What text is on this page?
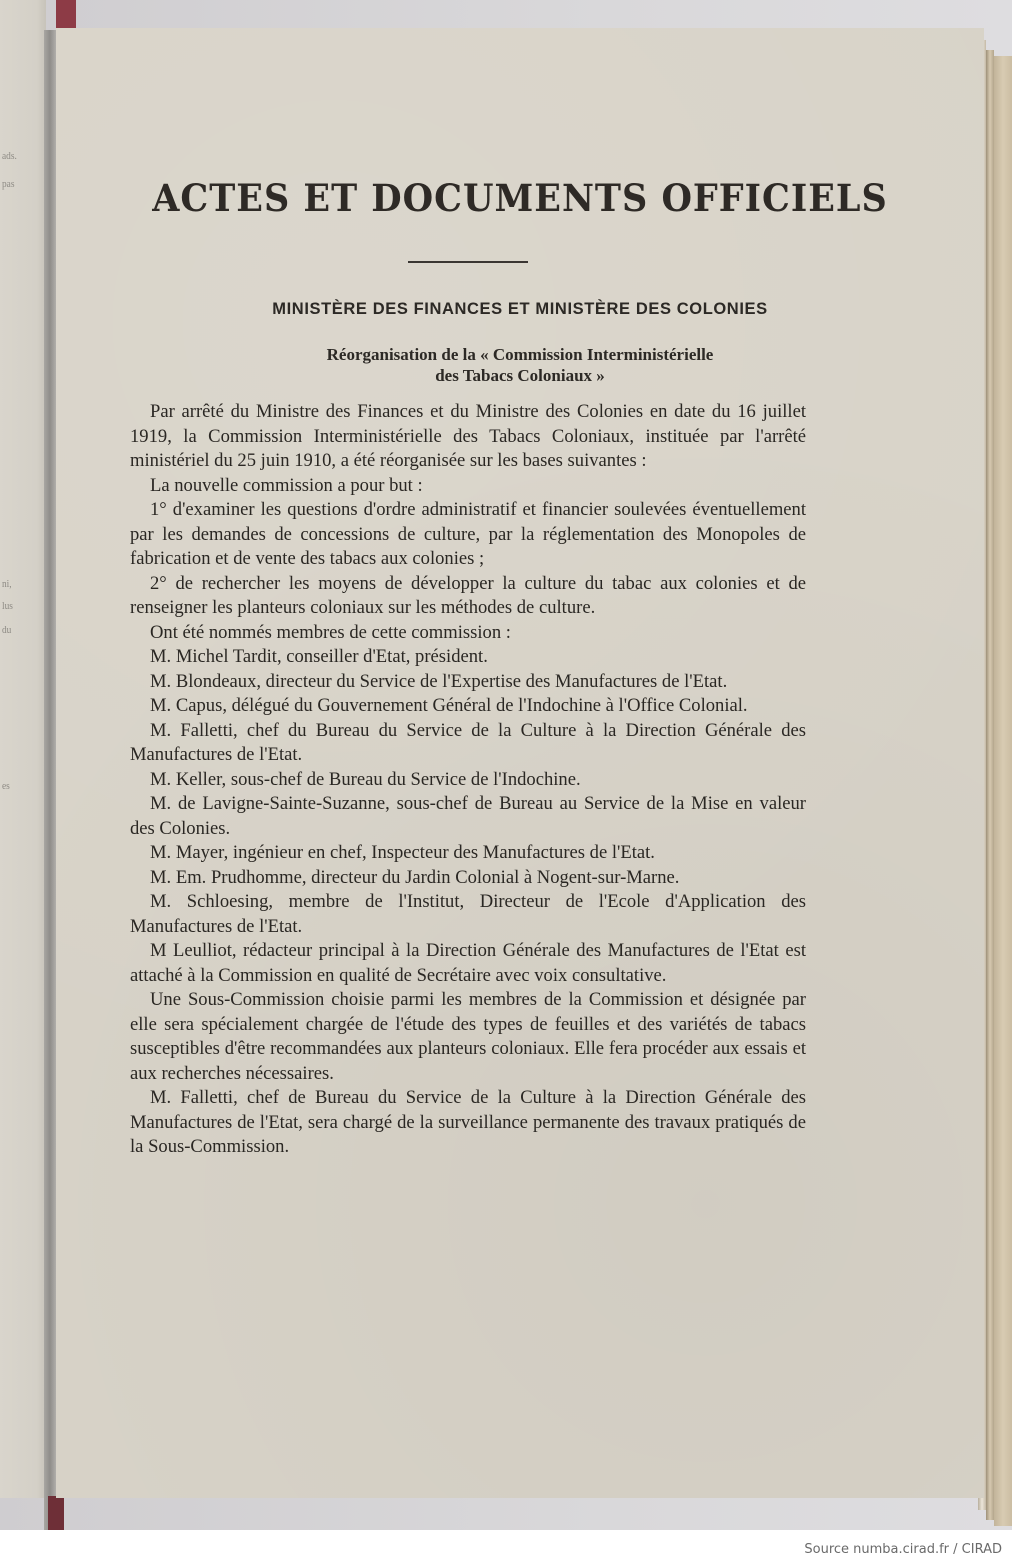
ads.
pas
ni,
lus
du
es
ACTES ET DOCUMENTS OFFICIELS
MINISTÈRE DES FINANCES ET MINISTÈRE DES COLONIES
Réorganisation de la « Commission Interministérielle
des Tabacs Coloniaux »

Par arrêté du Ministre des Finances et du Ministre des Colonies en date du 16 juillet 1919, la Commission Interministérielle des Tabacs Coloniaux, instituée par l'arrêté ministériel du 25 juin 1910, a été réorganisée sur les bases suivantes :

La nouvelle commission a pour but :

1° d'examiner les questions d'ordre administratif et financier soulevées éventuellement par les demandes de concessions de culture, par la réglementation des Monopoles de fabrication et de vente des tabacs aux colonies ;

2° de rechercher les moyens de développer la culture du tabac aux colonies et de renseigner les planteurs coloniaux sur les méthodes de culture.

Ont été nommés membres de cette commission :

M. Michel Tardit, conseiller d'Etat, président.

M. Blondeaux, directeur du Service de l'Expertise des Manufactures de l'Etat.

M. Capus, délégué du Gouvernement Général de l'Indochine à l'Office Colonial.

M. Falletti, chef du Bureau du Service de la Culture à la Direction Générale des Manufactures de l'Etat.

M. Keller, sous-chef de Bureau du Service de l'Indochine.

M. de Lavigne-Sainte-Suzanne, sous-chef de Bureau au Service de la Mise en valeur des Colonies.

M. Mayer, ingénieur en chef, Inspecteur des Manufactures de l'Etat.

M. Em. Prudhomme, directeur du Jardin Colonial à Nogent-sur-Marne.

M. Schloesing, membre de l'Institut, Directeur de l'Ecole d'Application des Manufactures de l'Etat.

M Leulliot, rédacteur principal à la Direction Générale des Manufactures de l'Etat est attaché à la Commission en qualité de Secrétaire avec voix consultative.

Une Sous-Commission choisie parmi les membres de la Commission et désignée par elle sera spécialement chargée de l'étude des types de feuilles et des variétés de tabacs susceptibles d'être recommandées aux planteurs coloniaux. Elle fera procéder aux essais et aux recherches nécessaires.

M. Falletti, chef de Bureau du Service de la Culture à la Direction Générale des Manufactures de l'Etat, sera chargé de la surveillance permanente des travaux pratiqués de la Sous-Commission.

Source numba.cirad.fr / CIRAD
